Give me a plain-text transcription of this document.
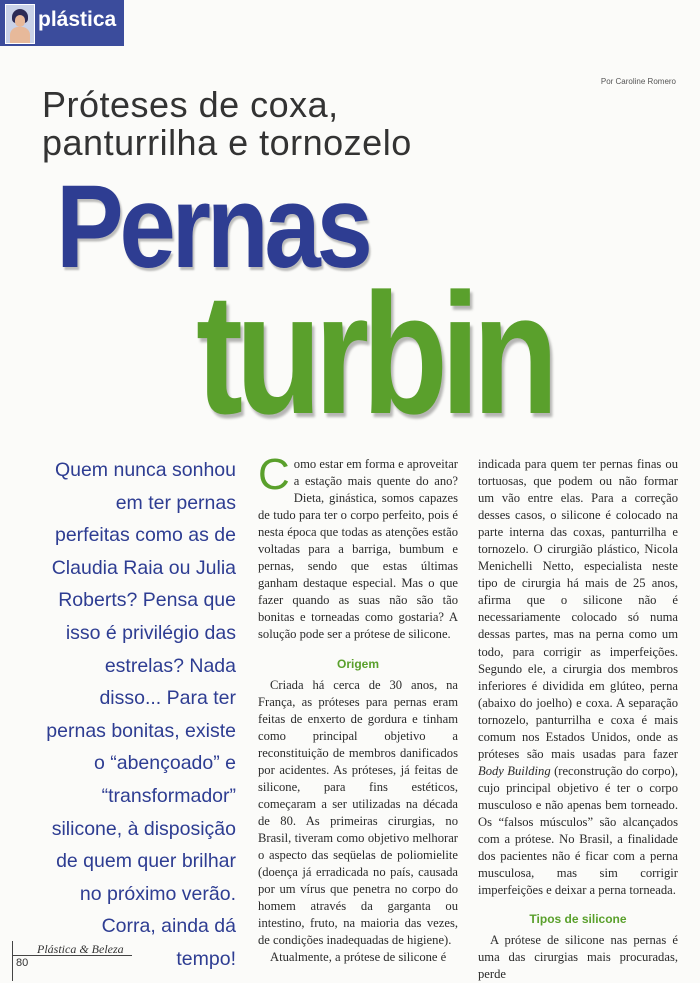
plástica
Por Caroline Romero
Próteses de coxa,
panturrilha e tornozelo
Pernas
turbin
Quem nunca sonhou em ter pernas perfeitas como as de Claudia Raia ou Julia Roberts? Pensa que isso é privilégio das estrelas? Nada disso... Para ter pernas bonitas, existe o “abençoado” e “transformador” silicone, à disposição de quem quer brilhar no próximo verão. Corra, ainda dá tempo!

Como estar em forma e aproveitar a estação mais quente do ano? Dieta, ginástica, somos capazes de tudo para ter o corpo perfeito, pois é nesta época que todas as atenções estão voltadas para a barriga, bumbum e pernas, sendo que estas últimas ganham destaque especial. Mas o que fazer quando as suas não são tão bonitas e torneadas como gostaria? A solução pode ser a prótese de silicone.

Origem

Criada há cerca de 30 anos, na França, as próteses para pernas eram feitas de enxerto de gordura e tinham como principal objetivo a reconstituição de membros danificados por acidentes. As próteses, já feitas de silicone, para fins estéticos, começaram a ser utilizadas na década de 80. As primeiras cirurgias, no Brasil, tiveram como objetivo melhorar o aspecto das seqüelas de poliomielite (doença já erradicada no país, causada por um vírus que penetra no corpo do homem através da garganta ou intestino, fruto, na maioria das vezes, de condições inadequadas de higiene).

Atualmente, a prótese de silicone é

indicada para quem ter pernas finas ou tortuosas, que podem ou não formar um vão entre elas. Para a correção desses casos, o silicone é colocado na parte interna das coxas, panturrilha e tornozelo. O cirurgião plástico, Nicola Menichelli Netto, especialista neste tipo de cirurgia há mais de 25 anos, afirma que o silicone não é necessariamente colocado só numa dessas partes, mas na perna como um todo, para corrigir as imperfeições. Segundo ele, a cirurgia dos membros inferiores é dividida em glúteo, perna (abaixo do joelho) e coxa. A separação tornozelo, panturrilha e coxa é mais comum nos Estados Unidos, onde as próteses são mais usadas para fazer Body Building (reconstrução do corpo), cujo principal objetivo é ter o corpo musculoso e não apenas bem torneado. Os “falsos músculos” são alcançados com a prótese. No Brasil, a finalidade dos pacientes não é ficar com a perna musculosa, mas sim corrigir imperfeições e deixar a perna torneada.

Tipos de silicone

A prótese de silicone nas pernas é uma das cirurgias mais procuradas, perde

80
Plástica & Beleza
